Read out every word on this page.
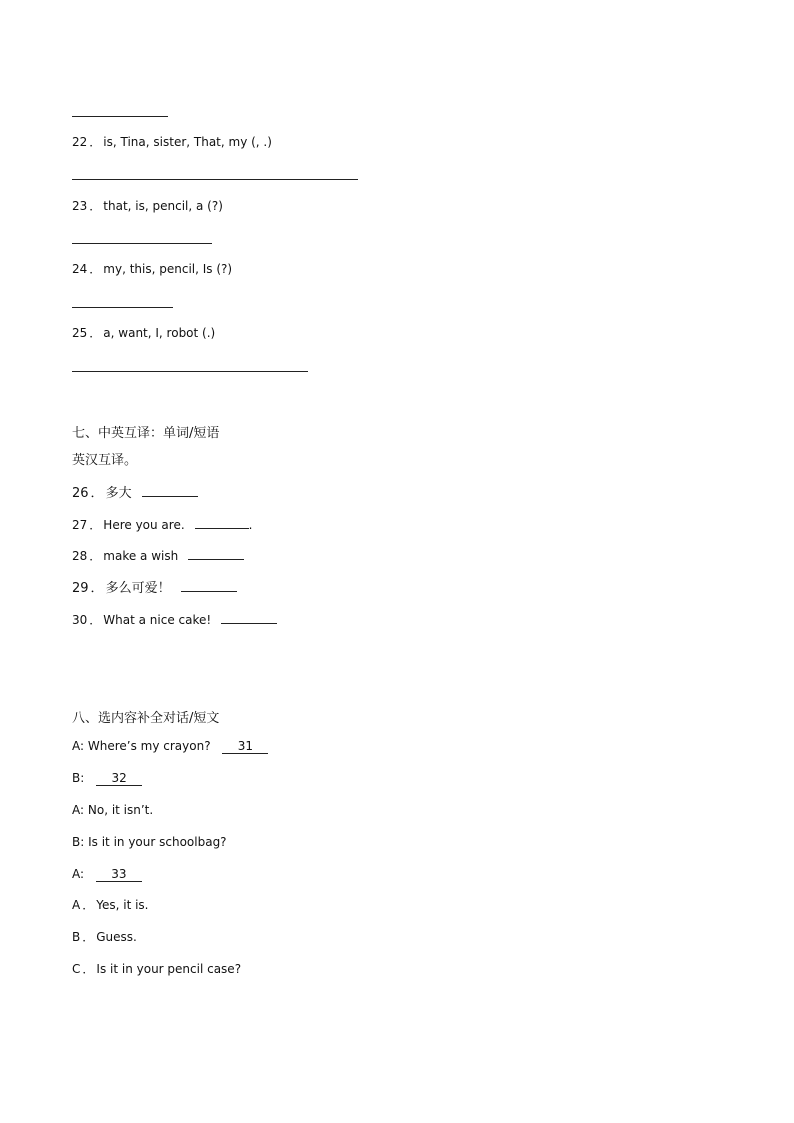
22 ． is, Tina, sister, That, my (, .)
23 ． that, is, pencil, a (?)
24 ． my, this, pencil, Is (?)
25 ． a, want, I, robot (.)
七、中英互译：单词/短语
英汉互译。
26 ． 多大
27 ． Here you are.	.
28 ． make a wish
29 ． 多么可爱！
30 ． What a nice cake!
八、选内容补全对话/短文
A: Where’s my crayon? 31
B: 32
A: No, it isn’t.
B: Is it in your schoolbag?
A: 33
A ． Yes, it is.
B ． Guess.
C ． Is it in your pencil case?
